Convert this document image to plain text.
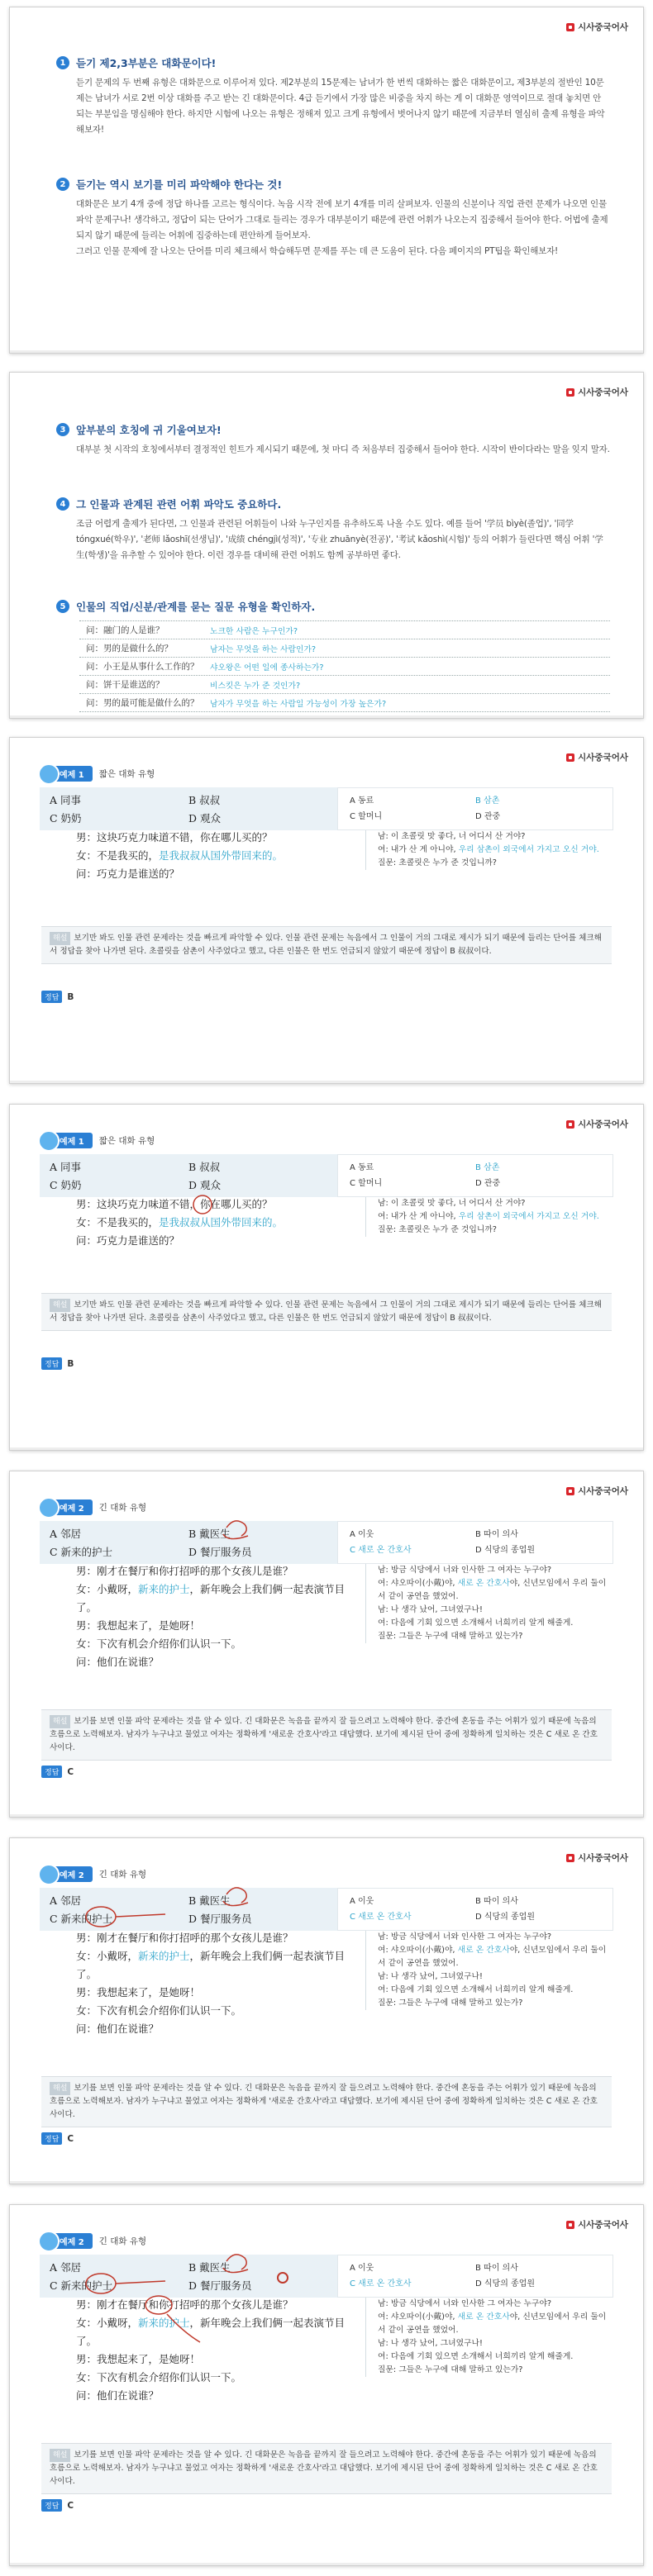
시사중국어사
1	듣기 제2,3부분은 대화문이다!
듣기 문제의 두 번째 유형은 대화문으로 이루어져 있다. 제2부분의 15문제는 남녀가 한 번씩 대화하는 짧은 대화문이고, 제3부분의 절반인 10문제는 남녀가 서로 2번 이상 대화를 주고 받는 긴 대화문이다. 4급 듣기에서 가장 많은 비중을 차지 하는 게 이 대화문 영역이므로 절대 놓치면 안 되는 부분임을 명심해야 한다. 하지만 시험에 나오는 유형은 정해져 있고 크게 유형에서 벗어나지 않기 때문에 지금부터 열심히 출제 유형을 파악해보자!
2	듣기는 역시 보기를 미리 파악해야 한다는 것!
대화문은 보기 4개 중에 정답 하나를 고르는 형식이다. 녹음 시작 전에 보기 4개를 미리 살펴보자. 인물의 신분이나 직업 관련 문제가 나오면 인물 파악 문제구나! 생각하고, 정답이 되는 단어가 그대로 들리는 경우가 대부분이기 때문에 관련 어휘가 나오는지 집중해서 들어야 한다. 어법에 출제되지 않기 때문에 들리는 어휘에 집중하는데 편안하게 들어보자.
그러고 인물 문제에 잘 나오는 단어를 미리 체크해서 학습해두면 문제를 푸는 데 큰 도움이 된다. 다음 페이지의 PT팁을 확인해보자!
시사중국어사
3	앞부분의 호칭에 귀 기울여보자!
대부분 첫 시작의 호칭에서부터 결정적인 힌트가 제시되기 때문에, 첫 마디 즉 처음부터 집중해서 들어야 한다. 시작이 반이다라는 말을 잊지 말자.
4	그 인물과 관계된 관련 어휘 파악도 중요하다.
조금 어렵게 출제가 된다면, 그 인물과 관련된 어휘들이 나와 누구인지를 유추하도록 나올 수도 있다. 예를 들어 '学员 bìyè(졸업)', '同学 tóngxué(학우)', '老师 lǎoshī(선생님)', '成绩 chéngjì(성적)', '专业 zhuānyè(전공)', '考试 kǎoshì(시험)' 등의 어휘가 들린다면 핵심 어휘 '学生(학생)'을 유추할 수 있어야 한다. 이런 경우를 대비해 관련 어휘도 함께 공부하면 좋다.
5	인물의 직업/신분/관계를 묻는 질문 유형을 확인하자.
问：融门的人是谁？	노크한 사람은 누구인가?
问：男的是做什么的？	남자는 무엇을 하는 사람인가?
问：小王是从事什么工作的？	샤오왕은 어떤 일에 종사하는가?
问：饼干是谁送的？	비스킷은 누가 준 것인가?
问：男的最可能是做什么的？	남자가 무엇을 하는 사람일 가능성이 가장 높은가?
시사중국어사
예제 1	짧은 대화 유형
A 同事	B 叔叔
C 奶奶	D 观众
A 동료	B 삼촌
C 할머니	D 관중
男：这块巧克力味道不错，你在哪儿买的？
女：不是我买的，是我叔叔从国外带回来的。
问：巧克力是谁送的？
남: 이 초콜릿 맛 좋다, 너 어디서 산 거야?
여: 내가 산 게 아니야, 우리 삼촌이 외국에서 가지고 오신 거야.
질문: 초콜릿은 누가 준 것입니까?
해설 보기만 봐도 인물 관련 문제라는 것을 빠르게 파악할 수 있다. 인물 관련 문제는 녹음에서 그 인물이 거의 그대로 제시가 되기 때문에 들리는 단어를 체크해서 정답을 찾아 나가면 된다. 초콜릿을 삼촌이 사주었다고 했고, 다른 인물은 한 번도 언급되지 않았기 때문에 정답이 B 叔叔이다.
정답 B
시사중국어사
예제 1	짧은 대화 유형
A 同事	B 叔叔
C 奶奶	D 观众
A 동료	B 삼촌
C 할머니	D 관중
男：这块巧克力味道不错，你在哪儿买的？
女：不是我买的，是我叔叔从国外带回来的。
问：巧克力是谁送的？
남: 이 초콜릿 맛 좋다, 너 어디서 산 거야?
여: 내가 산 게 아니야, 우리 삼촌이 외국에서 가지고 오신 거야.
질문: 초콜릿은 누가 준 것입니까?
해설 보기만 봐도 인물 관련 문제라는 것을 빠르게 파악할 수 있다. 인물 관련 문제는 녹음에서 그 인물이 거의 그대로 제시가 되기 때문에 들리는 단어를 체크해서 정답을 찾아 나가면 된다. 초콜릿을 삼촌이 사주었다고 했고, 다른 인물은 한 번도 언급되지 않았기 때문에 정답이 B 叔叔이다.
정답 B
시사중국어사
예제 2	긴 대화 유형
A 邻居	B 戴医生
C 新来的护士	D 餐厅服务员
A 이웃	B 따이 의사
C 새로 온 간호사	D 식당의 종업원
男：刚才在餐厅和你打招呼的那个女孩儿是谁？
女：小戴呀，新来的护士，新年晚会上我们俩一起表演节目了。
男：我想起来了，是她呀！
女：下次有机会介绍你们认识一下。
问：他们在说谁？
남: 방금 식당에서 너와 인사한 그 여자는 누구야?
여: 샤오따이(小戴)야, 새로 온 간호사야, 신년모임에서 우리 둘이서 같이 공연을 했었어.
남: 나 생각 났어, 그녀였구나!
여: 다음에 기회 있으면 소개해서 너희끼리 알게 해줄게.
질문: 그들은 누구에 대해 말하고 있는가?
해설 보기를 보면 인물 파악 문제라는 것을 알 수 있다. 긴 대화문은 녹음을 끝까지 잘 들으려고 노력해야 한다. 중간에 혼동을 주는 어휘가 있기 때문에 녹음의 흐름으로 노력해보자. 남자가 누구냐고 물었고 여자는 정확하게 '새로운 간호사'라고 대답했다. 보기에 제시된 단어 중에 정확하게 일치하는 것은 C 새로 온 간호사이다.
정답 C
시사중국어사
예제 2	긴 대화 유형
A 邻居	B 戴医生
C 新来的护士	D 餐厅服务员
A 이웃	B 따이 의사
C 새로 온 간호사	D 식당의 종업원
男：刚才在餐厅和你打招呼的那个女孩儿是谁？
女：小戴呀，新来的护士，新年晚会上我们俩一起表演节目了。
男：我想起来了，是她呀！
女：下次有机会介绍你们认识一下。
问：他们在说谁？
남: 방금 식당에서 너와 인사한 그 여자는 누구야?
여: 샤오따이(小戴)야, 새로 온 간호사야, 신년모임에서 우리 둘이서 같이 공연을 했었어.
남: 나 생각 났어, 그녀였구나!
여: 다음에 기회 있으면 소개해서 너희끼리 알게 해줄게.
질문: 그들은 누구에 대해 말하고 있는가?
해설 보기를 보면 인물 파악 문제라는 것을 알 수 있다. 긴 대화문은 녹음을 끝까지 잘 들으려고 노력해야 한다. 중간에 혼동을 주는 어휘가 있기 때문에 녹음의 흐름으로 노력해보자. 남자가 누구냐고 물었고 여자는 정확하게 '새로운 간호사'라고 대답했다. 보기에 제시된 단어 중에 정확하게 일치하는 것은 C 새로 온 간호사이다.
정답 C
시사중국어사
예제 2	긴 대화 유형
A 邻居	B 戴医生
C 新来的护士	D 餐厅服务员
A 이웃	B 따이 의사
C 새로 온 간호사	D 식당의 종업원
男：刚才在餐厅和你打招呼的那个女孩儿是谁？
女：小戴呀，新来的护士，新年晚会上我们俩一起表演节目了。
男：我想起来了，是她呀！
女：下次有机会介绍你们认识一下。
问：他们在说谁？
남: 방금 식당에서 너와 인사한 그 여자는 누구야?
여: 샤오따이(小戴)야, 새로 온 간호사야, 신년모임에서 우리 둘이서 같이 공연을 했었어.
남: 나 생각 났어, 그녀였구나!
여: 다음에 기회 있으면 소개해서 너희끼리 알게 해줄게.
질문: 그들은 누구에 대해 말하고 있는가?
해설 보기를 보면 인물 파악 문제라는 것을 알 수 있다. 긴 대화문은 녹음을 끝까지 잘 들으려고 노력해야 한다. 중간에 혼동을 주는 어휘가 있기 때문에 녹음의 흐름으로 노력해보자. 남자가 누구냐고 물었고 여자는 정확하게 '새로운 간호사'라고 대답했다. 보기에 제시된 단어 중에 정확하게 일치하는 것은 C 새로 온 간호사이다.
정답 C
